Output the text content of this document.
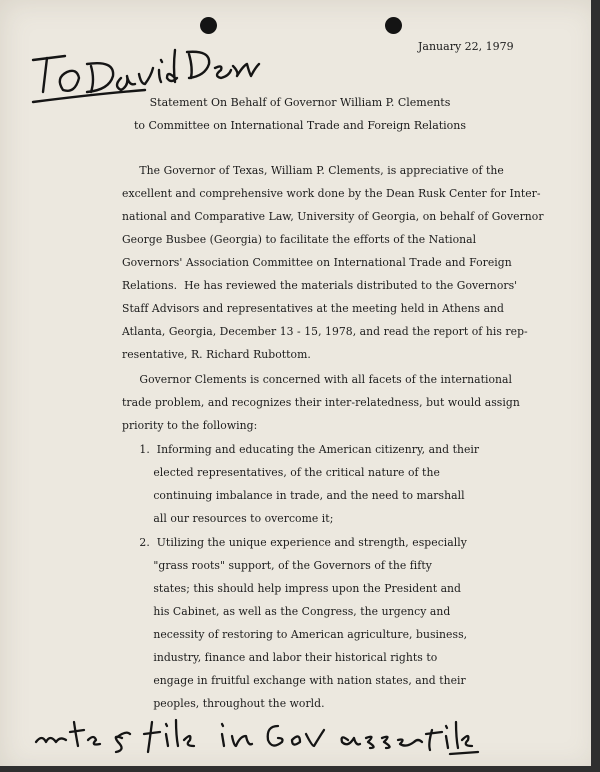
January 22, 1979
Statement On Behalf of Governor William P. Clements
to Committee on International Trade and Foreign Relations
The Governor of Texas, William P. Clements, is appreciative of the
excellent and comprehensive work done by the Dean Rusk Center for Inter-
national and Comparative Law, University of Georgia, on behalf of Governor
George Busbee (Georgia) to facilitate the efforts of the National
Governors' Association Committee on International Trade and Foreign
Relations.  He has reviewed the materials distributed to the Governors'
Staff Advisors and representatives at the meeting held in Athens and
Atlanta, Georgia, December 13 - 15, 1978, and read the report of his rep-
resentative, R. Richard Rubottom.
Governor Clements is concerned with all facets of the international
trade problem, and recognizes their inter-relatedness, but would assign
priority to the following:
1.  Informing and educating the American citizenry, and their
elected representatives, of the critical nature of the
continuing imbalance in trade, and the need to marshall
all our resources to overcome it;
2.  Utilizing the unique experience and strength, especially
"grass roots" support, of the Governors of the fifty
states; this should help impress upon the President and
his Cabinet, as well as the Congress, the urgency and
necessity of restoring to American agriculture, business,
industry, finance and labor their historical rights to
engage in fruitful exchange with nation states, and their
peoples, throughout the world.
